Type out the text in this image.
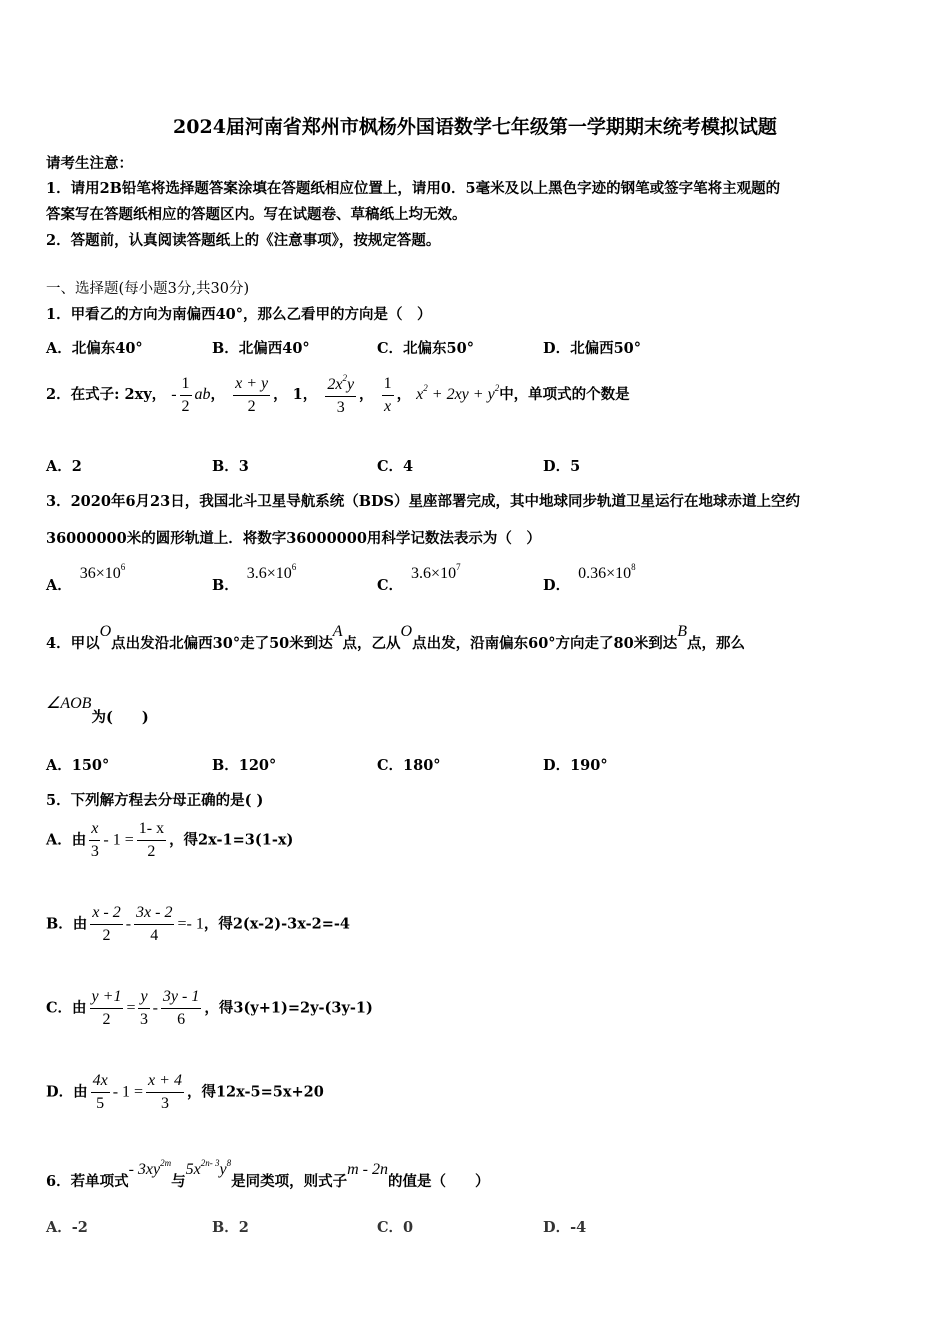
2024届河南省郑州市枫杨外国语数学七年级第一学期期末统考模拟试题
请考生注意：
1．请用2B铅笔将选择题答案涂填在答题纸相应位置上，请用0．5毫米及以上黑色字迹的钢笔或签字笔将主观题的
答案写在答题纸相应的答题区内。写在试题卷、草稿纸上均无效。
2．答题前，认真阅读答题纸上的《注意事项》，按规定答题。
一、选择题(每小题3分,共30分)
1．甲看乙的方向为南偏西40°，那么乙看甲的方向是（　）
A．北偏东40°	B．北偏西40°	C．北偏东50°	D．北偏西50°
2．在式子: 2xy， - $\frac{1}{2}$ ab， $\frac{x + y}{2}$ ， 1， $\frac{2x^2y}{3}$ ， $\frac{1}{x}$ ， $x^2 + 2xy + y^2$中，单项式的个数是
A．2	B．3	C．4	D．5
3．2020年6月23日，我国北斗卫星导航系统（BDS）星座部署完成，其中地球同步轨道卫星运行在地球赤道上空约
36000000米的圆形轨道上．将数字36000000用科学记数法表示为（　）
A．$36\times 10^6$
B．$3.6\times 10^6$
C．$3.6\times 10^7$
D．$0.36\times 10^8$
4．甲以O点出发沿北偏西30°走了50米到达A点，乙从O点出发，沿南偏东60°方向走了80米到达B点，那么
∠AOB为(　　)
A．150°	B．120°	C．180°	D．190°
5．下列解方程去分母正确的是( )
A．由 $\frac{x}{3} - 1 = \frac{1- x}{2}$ ，得2x-1=3(1-x)
B．由 $\frac{x - 2}{2} - \frac{3x - 2}{4} =- 1$，得2(x-2)-3x-2=-4
C．由 $\frac{y +1}{2} = \frac{y}{3} - \frac{3y - 1}{6}$ ，得3(y+1)=2y-(3y-1)
D．由 $\frac{4x}{5} - 1 = \frac{x + 4}{3}$ ，得12x-5=5x+20
6．若单项式- $3xy^{2m}$与$5x^{2n- 3}y^8$是同类项，则式子m - 2n的值是（　　）
A．-2	B．2	C．0	D．-4
